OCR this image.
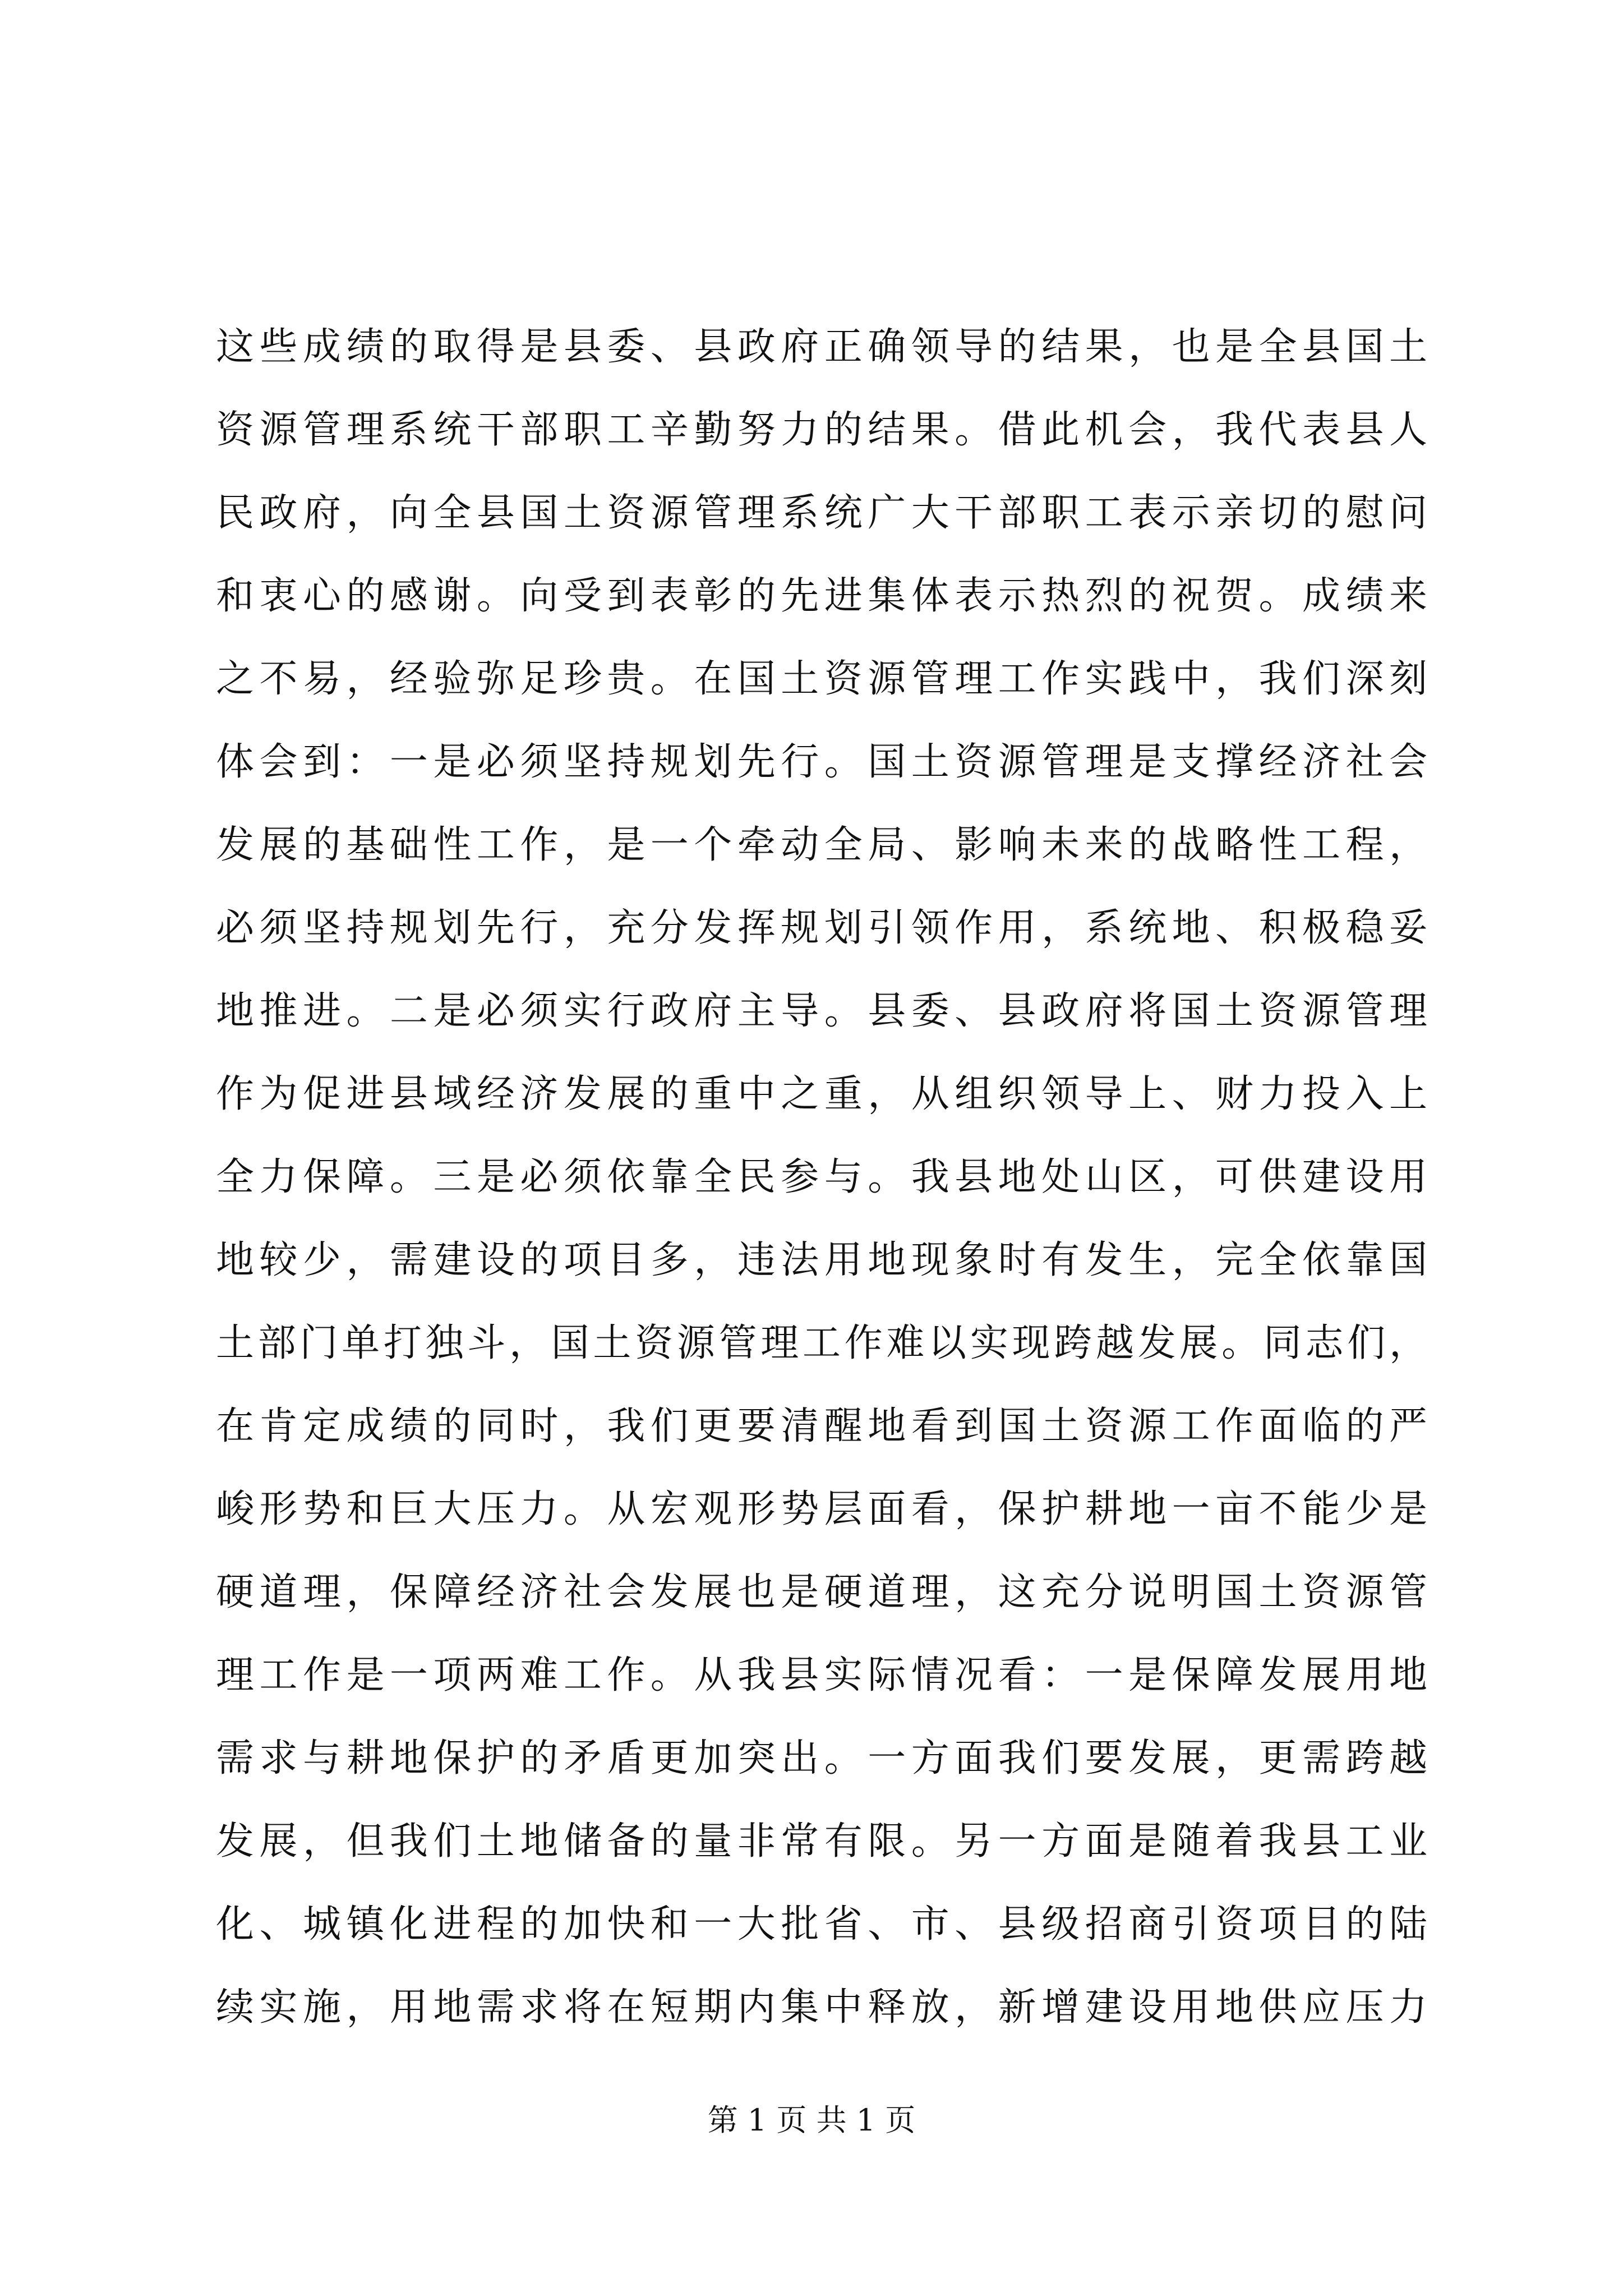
这些成绩的取得是县委、县政府正确领导的结果，也是全县国土
资源管理系统干部职工辛勤努力的结果。借此机会，我代表县人
民政府，向全县国土资源管理系统广大干部职工表示亲切的慰问
和衷心的感谢。向受到表彰的先进集体表示热烈的祝贺。成绩来
之不易，经验弥足珍贵。在国土资源管理工作实践中，我们深刻
体会到：一是必须坚持规划先行。国土资源管理是支撑经济社会
发展的基础性工作，是一个牵动全局、影响未来的战略性工程，
必须坚持规划先行，充分发挥规划引领作用，系统地、积极稳妥
地推进。二是必须实行政府主导。县委、县政府将国土资源管理
作为促进县域经济发展的重中之重，从组织领导上、财力投入上
全力保障。三是必须依靠全民参与。我县地处山区，可供建设用
地较少，需建设的项目多，违法用地现象时有发生，完全依靠国
土部门单打独斗，国土资源管理工作难以实现跨越发展。同志们，
在肯定成绩的同时，我们更要清醒地看到国土资源工作面临的严
峻形势和巨大压力。从宏观形势层面看，保护耕地一亩不能少是
硬道理，保障经济社会发展也是硬道理，这充分说明国土资源管
理工作是一项两难工作。从我县实际情况看：一是保障发展用地
需求与耕地保护的矛盾更加突出。一方面我们要发展，更需跨越
发展，但我们土地储备的量非常有限。另一方面是随着我县工业
化、城镇化进程的加快和一大批省、市、县级招商引资项目的陆
续实施，用地需求将在短期内集中释放，新增建设用地供应压力
第 1 页 共 1 页
